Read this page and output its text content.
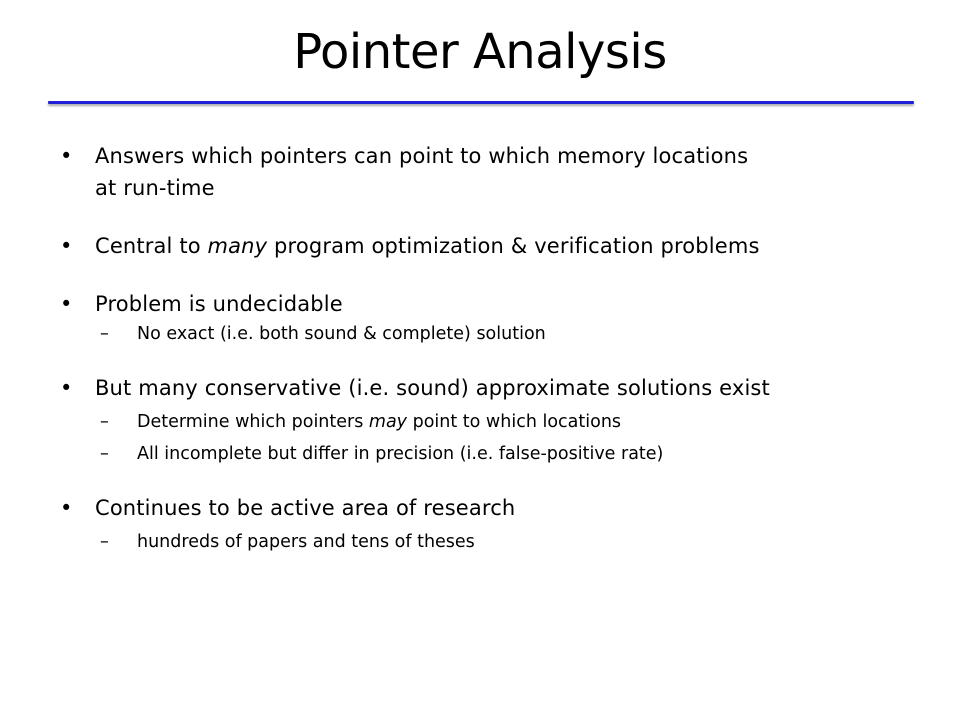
Pointer Analysis
•	Answers which pointers can point to which memory locations
at run-time
•	Central to many program optimization & verification problems
•	Problem is undecidable
– No exact (i.e. both sound & complete) solution
•	But many conservative (i.e. sound) approximate solutions exist
– Determine which pointers may point to which locations
– All incomplete but differ in precision (i.e. false-positive rate)
•	Continues to be active area of research
– hundreds of papers and tens of theses
